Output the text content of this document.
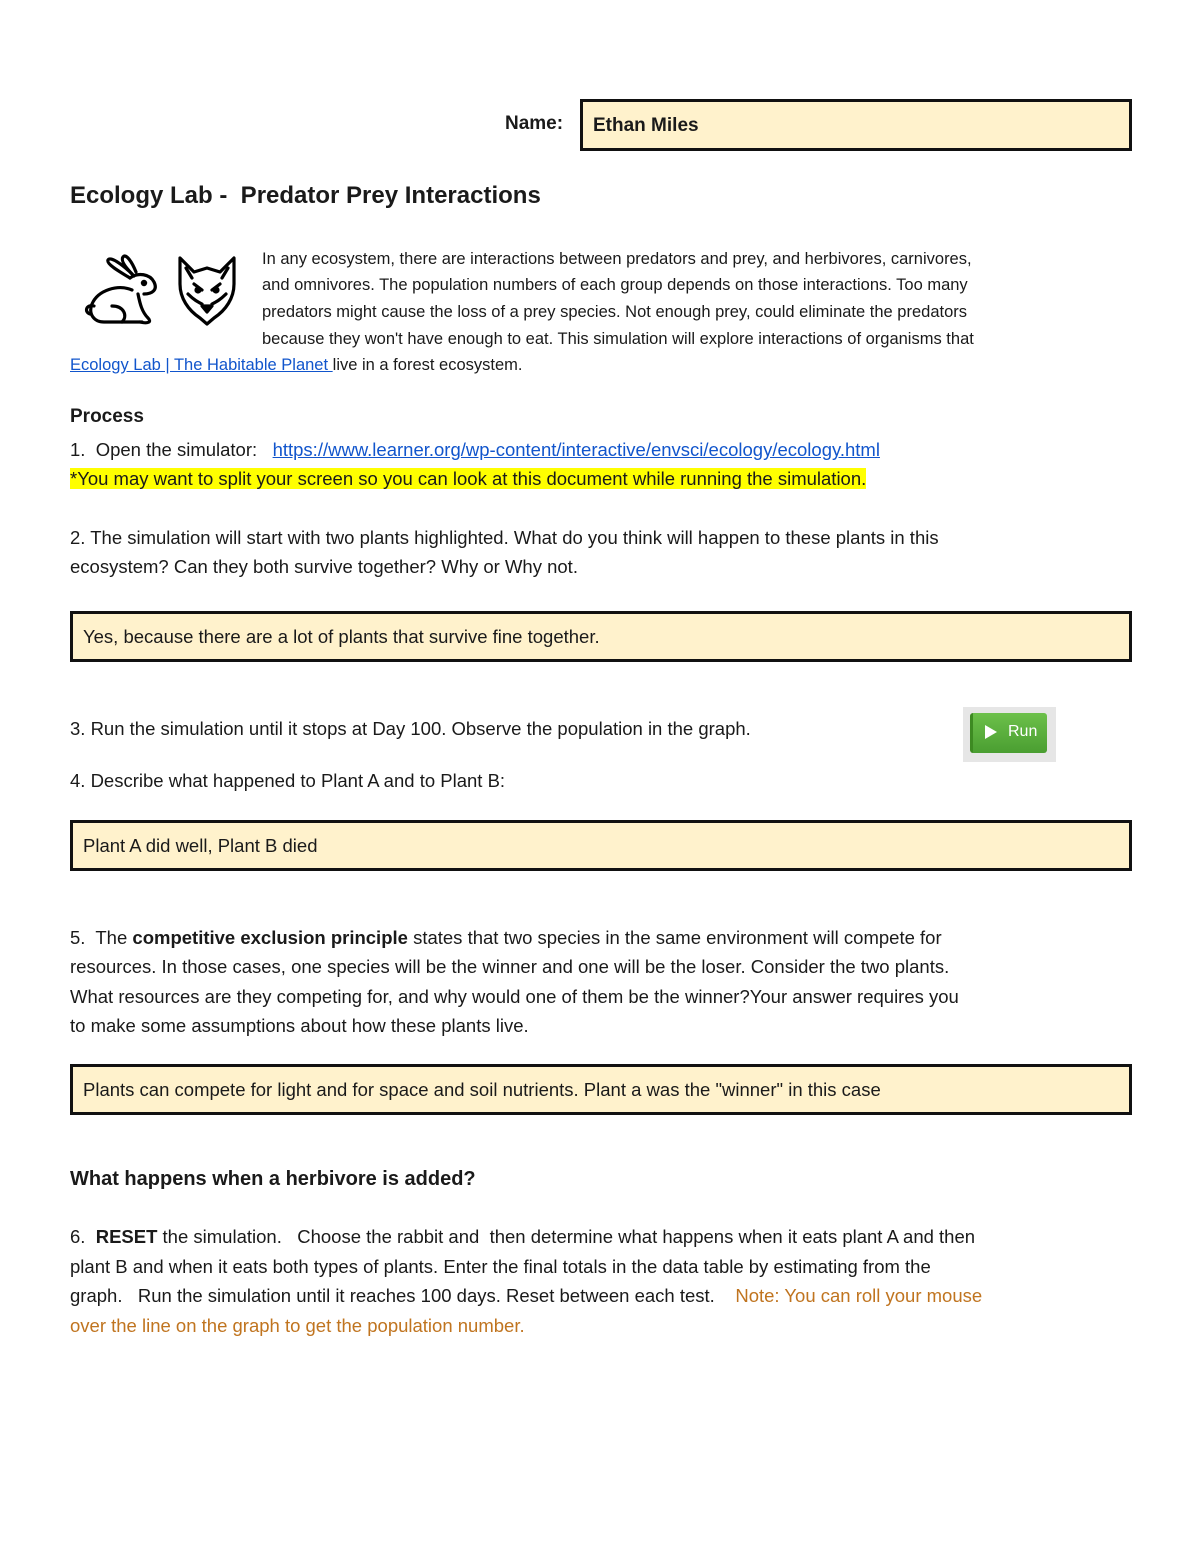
Name: Ethan Miles
Ecology Lab -  Predator Prey Interactions
In any ecosystem, there are interactions between predators and prey, and herbivores, carnivores,
and omnivores. The population numbers of each group depends on those interactions. Too many
predators might cause the loss of a prey species. Not enough prey, could eliminate the predators
because they won't have enough to eat. This simulation will explore interactions of organisms that
Ecology Lab | The Habitable Planet live in a forest ecosystem.
Process
1.  Open the simulator:   https://www.learner.org/wp-content/interactive/envsci/ecology/ecology.html
*You may want to split your screen so you can look at this document while running the simulation.
2. The simulation will start with two plants highlighted. What do you think will happen to these plants in this
ecosystem? Can they both survive together? Why or Why not.
Yes, because there are a lot of plants that survive fine together.
3. Run the simulation until it stops at Day 100. Observe the population in the graph.	Run
4. Describe what happened to Plant A and to Plant B:
Plant A did well, Plant B died
5.  The competitive exclusion principle states that two species in the same environment will compete for
resources. In those cases, one species will be the winner and one will be the loser. Consider the two plants.
What resources are they competing for, and why would one of them be the winner?Your answer requires you
to make some assumptions about how these plants live.
Plants can compete for light and for space and soil nutrients. Plant a was the "winner" in this case
What happens when a herbivore is added?
6.  RESET the simulation.   Choose the rabbit and  then determine what happens when it eats plant A and then
plant B and when it eats both types of plants. Enter the final totals in the data table by estimating from the
graph.   Run the simulation until it reaches 100 days. Reset between each test.    Note: You can roll your mouse
over the line on the graph to get the population number.
